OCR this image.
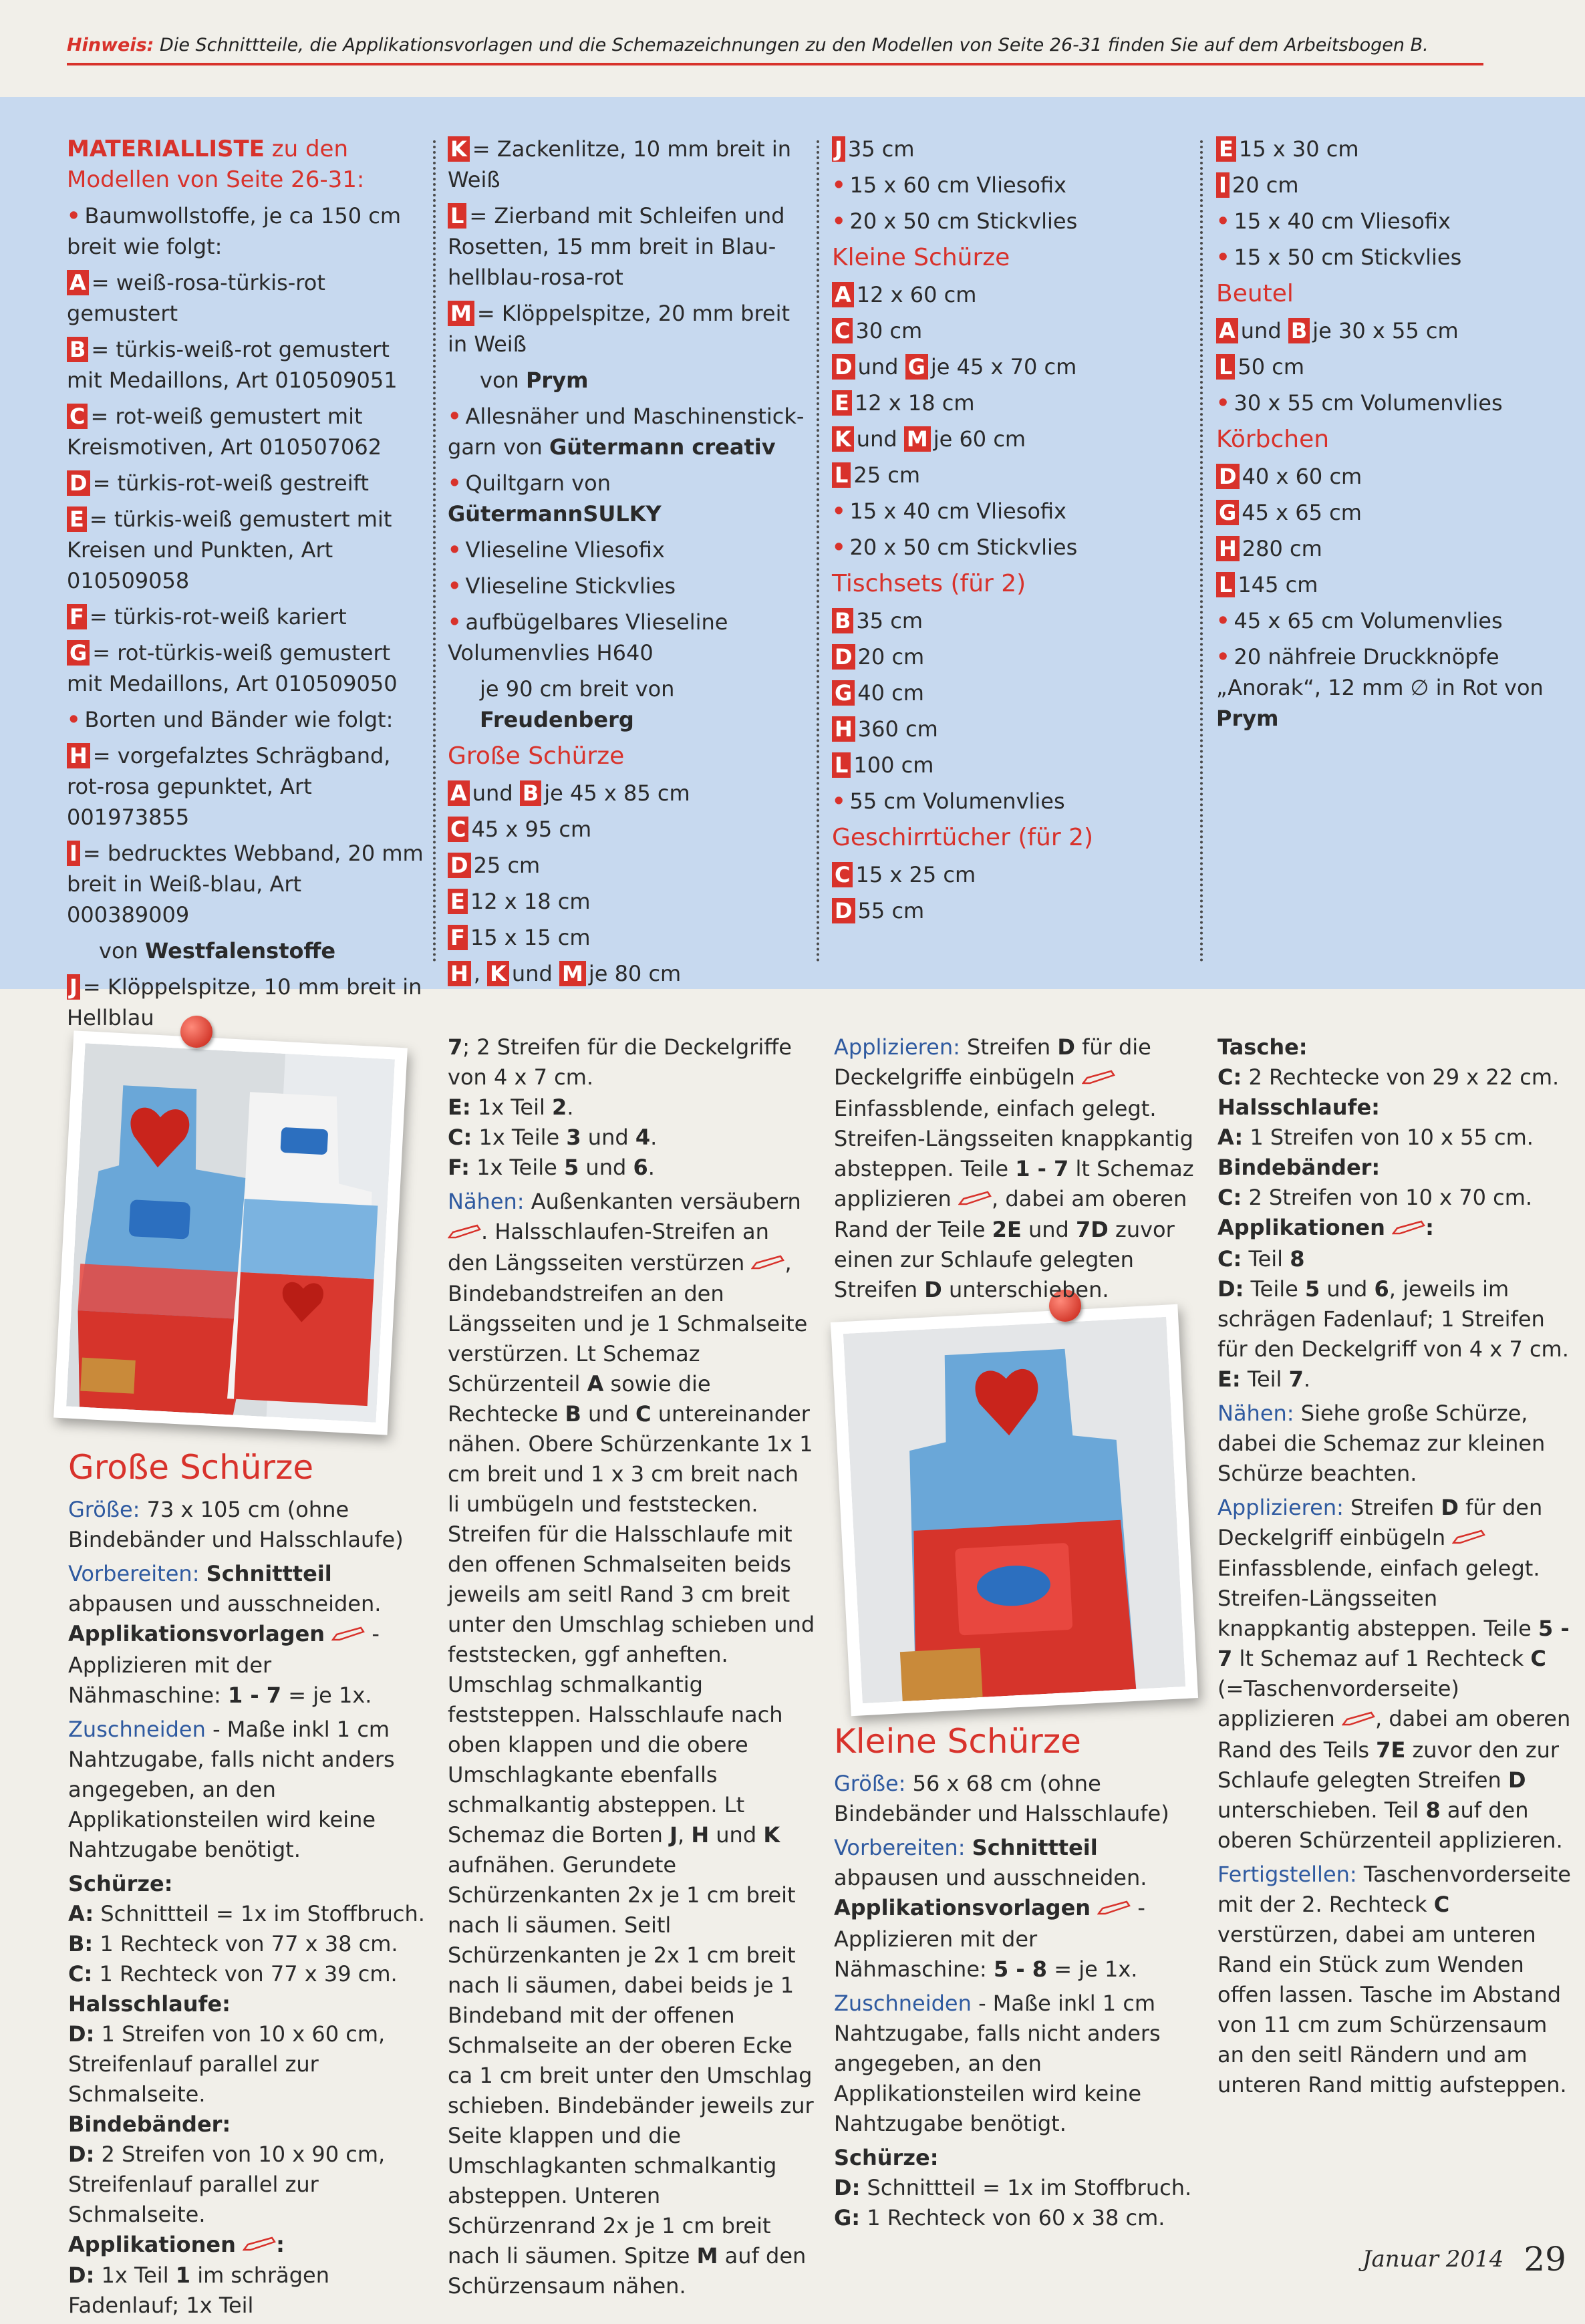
Hinweis: Die Schnittteile, die Applikationsvorlagen und die Schemazeichnungen zu den Modellen von Seite 26-31 finden Sie auf dem Arbeitsbogen B.

MATERIALLISTE zu den Modellen von Seite 26-31:

• Baumwollstoffe, je ca 150 cm breit wie folgt:

A = weiß-rosa-türkis-rot gemustert

B = türkis-weiß-rot gemustert mit Medaillons, Art 010509051

C = rot-weiß gemustert mit Kreismotiven, Art 010507062

D = türkis-rot-weiß gestreift

E = türkis-weiß gemustert mit Kreisen und Punkten, Art 010509058

F = türkis-rot-weiß kariert

G = rot-türkis-weiß gemustert mit Medaillons, Art 010509050

• Borten und Bänder wie folgt:

H = vorgefalztes Schrägband, rot-rosa gepunktet, Art 001973855

I = bedrucktes Webband, 20 mm breit in Weiß-blau, Art 000389009

von Westfalenstoffe

J = Klöppelspitze, 10 mm breit in Hellblau

K = Zackenlitze, 10 mm breit in Weiß

L = Zierband mit Schleifen und Rosetten, 15 mm breit in Blau-hellblau-rosa-rot

M = Klöppelspitze, 20 mm breit in Weiß

von Prym

• Allesnäher und Maschinenstick-garn von Gütermann creativ

• Quiltgarn von GütermannSULKY

• Vlieseline Vliesofix

• Vlieseline Stickvlies

• aufbügelbares Vlieseline Volumenvlies H640

je 90 cm breit von Freudenberg

Große Schürze

A und B je 45 x 85 cm

C 45 x 95 cm

D 25 cm

E 12 x 18 cm

F 15 x 15 cm

H , K und M je 80 cm

J 35 cm

• 15 x 60 cm Vliesofix

• 20 x 50 cm Stickvlies

Kleine Schürze

A 12 x 60 cm

C 30 cm

D und G je 45 x 70 cm

E 12 x 18 cm

K und M je 60 cm

L 25 cm

• 15 x 40 cm Vliesofix

• 20 x 50 cm Stickvlies

Tischsets (für 2)

B 35 cm

D 20 cm

G 40 cm

H 360 cm

L 100 cm

• 55 cm Volumenvlies

Geschirrtücher (für 2)

C 15 x 25 cm

D 55 cm

E 15 x 30 cm

I 20 cm

• 15 x 40 cm Vliesofix

• 15 x 50 cm Stickvlies

Beutel

A und B je 30 x 55 cm

L 50 cm

• 30 x 55 cm Volumenvlies

Körbchen

D 40 x 60 cm

G 45 x 65 cm

H 280 cm

L 145 cm

• 45 x 65 cm Volumenvlies

• 20 nähfreie Druckknöpfe „Anorak“, 12 mm ∅ in Rot von Prym

Große Schürze

Größe: 73 x 105 cm (ohne Bindebänder und Halsschlaufe)

Vorbereiten: Schnittteil abpausen und ausschneiden. Applikationsvorlagen  - Applizieren mit der Nähmaschine: 1 - 7 = je 1x.

Zuschneiden - Maße inkl 1 cm Nahtzugabe, falls nicht anders angegeben, an den Applikationsteilen wird keine Nahtzugabe benötigt.

Schürze:

A: Schnittteil = 1x im Stoffbruch.

B: 1 Rechteck von 77 x 38 cm.

C: 1 Rechteck von 77 x 39 cm.

Halsschlaufe:

D: 1 Streifen von 10 x 60 cm, Streifenlauf parallel zur Schmalseite.

Bindebänder:

D: 2 Streifen von 10 x 90 cm, Streifenlauf parallel zur Schmalseite.

Applikationen :

D: 1x Teil 1 im schrägen Fadenlauf; 1x Teil

7; 2 Streifen für die Deckelgriffe von 4 x 7 cm.

E: 1x Teil 2.

C: 1x Teile 3 und 4.

F: 1x Teile 5 und 6.

Nähen: Außenkanten versäubern . Halsschlaufen-Streifen an den Längsseiten verstürzen , Bindebandstreifen an den Längsseiten und je 1 Schmalseite verstürzen. Lt Schemaz Schürzenteil A sowie die Rechtecke B und C untereinander nähen. Obere Schürzenkante 1x 1 cm breit und 1 x 3 cm breit nach li umbügeln und feststecken. Streifen für die Halsschlaufe mit den offenen Schmalseiten beids jeweils am seitl Rand 3 cm breit unter den Umschlag schieben und feststecken, ggf anheften. Umschlag schmalkantig feststeppen. Halsschlaufe nach oben klappen und die obere Umschlagkante ebenfalls schmalkantig absteppen. Lt Schemaz die Borten J, H und K aufnähen. Gerundete Schürzenkanten 2x je 1 cm breit nach li säumen. Seitl Schürzenkanten je 2x 1 cm breit nach li säumen, dabei beids je 1 Bindeband mit der offenen Schmalseite an der oberen Ecke ca 1 cm breit unter den Umschlag schieben. Bindebänder jeweils zur Seite klappen und die Umschlagkanten schmalkantig absteppen. Unteren Schürzenrand 2x je 1 cm breit nach li säumen. Spitze M auf den Schürzensaum nähen.

Applizieren: Streifen D für die Deckelgriffe einbügeln  Einfassblende, einfach gelegt. Streifen-Längsseiten knappkantig absteppen. Teile 1 - 7 lt Schemaz applizieren , dabei am oberen Rand der Teile 2E und 7D zuvor einen zur Schlaufe gelegten Streifen D unterschieben.

Kleine Schürze

Größe: 56 x 68 cm (ohne Bindebänder und Halsschlaufe)

Vorbereiten: Schnittteil abpausen und ausschneiden. Applikationsvorlagen  - Applizieren mit der Nähmaschine: 5 - 8 = je 1x.

Zuschneiden - Maße inkl 1 cm Nahtzugabe, falls nicht anders angegeben, an den Applikationsteilen wird keine Nahtzugabe benötigt.

Schürze:

D: Schnittteil = 1x im Stoffbruch.

G: 1 Rechteck von 60 x 38 cm.

Tasche:

C: 2 Rechtecke von 29 x 22 cm.

Halsschlaufe:

A: 1 Streifen von 10 x 55 cm.

Bindebänder:

C: 2 Streifen von 10 x 70 cm.

Applikationen :

C: Teil 8

D: Teile 5 und 6, jeweils im schrägen Fadenlauf; 1 Streifen für den Deckelgriff von 4 x 7 cm.

E: Teil 7.

Nähen: Siehe große Schürze, dabei die Schemaz zur kleinen Schürze beachten.

Applizieren: Streifen D für den Deckelgriff einbügeln  Einfassblende, einfach gelegt. Streifen-Längsseiten knappkantig absteppen. Teile 5 - 7 lt Schemaz auf 1 Rechteck C (=Taschenvorderseite) applizieren , dabei am oberen Rand des Teils 7E zuvor den zur Schlaufe gelegten Streifen D unterschieben. Teil 8 auf den oberen Schürzenteil applizieren.

Fertigstellen: Taschenvorderseite mit der 2. Rechteck C verstürzen, dabei am unteren Rand ein Stück zum Wenden offen lassen. Tasche im Abstand von 11 cm zum Schürzensaum an den seitl Rändern und am unteren Rand mittig aufsteppen.

Januar 2014 29
